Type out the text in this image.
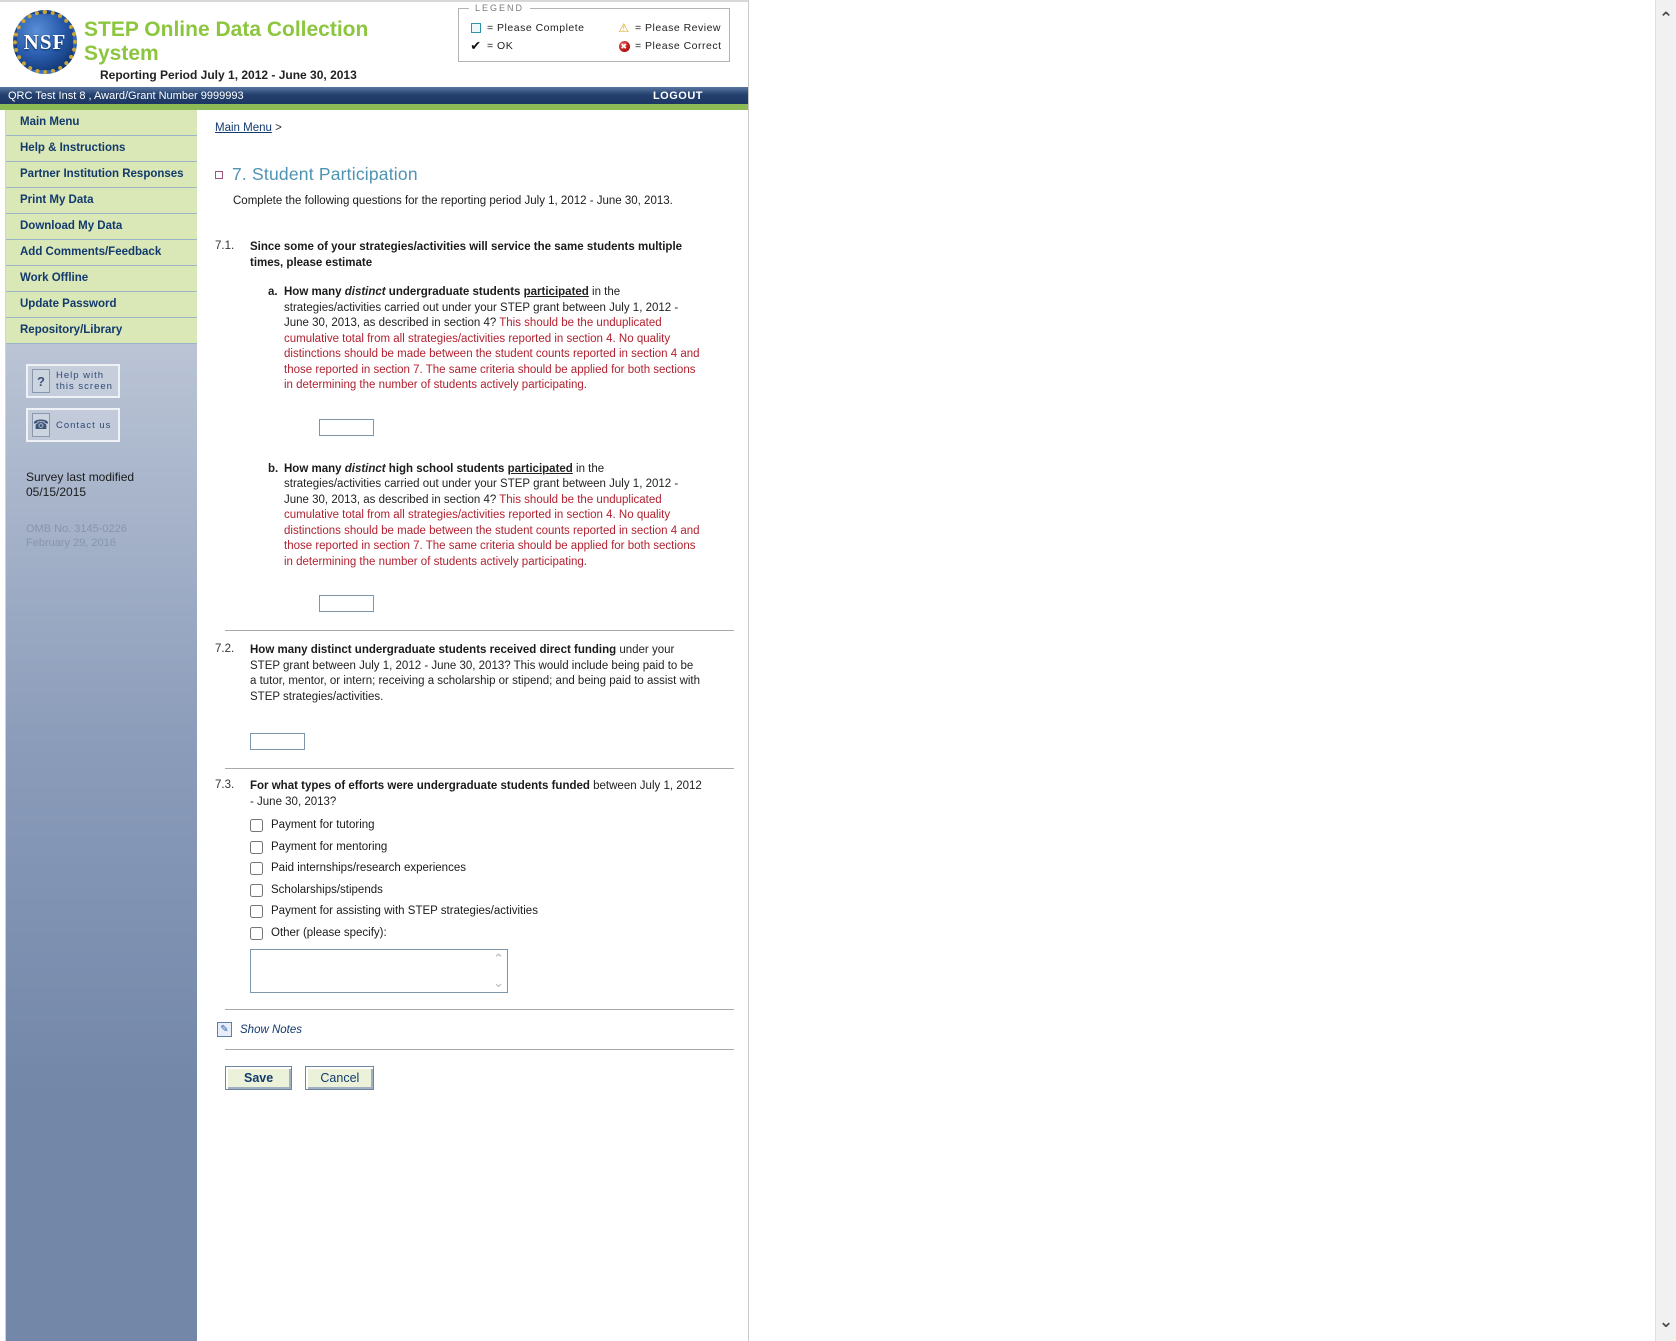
NSF STEP Online Data Collection
System
Reporting Period July 1, 2012 - June 30, 2013
LEGEND
= Please Complete	⚠ = Please Review
✔ = OK	✖ = Please Correct
QRC Test Inst 8 , Award/Grant Number 9999993	LOGOUT
Main Menu
Help & Instructions
Partner Institution Responses
Print My Data
Download My Data
Add Comments/Feedback
Work Offline
Update Password
Repository/Library
?	Help with this screen
☎ Contact us
Survey last modified
05/15/2015
OMB No. 3145-0226
February 29, 2016
Main Menu >
7. Student Participation
Complete the following questions for the reporting period July 1, 2012 - June 30, 2013.
7.1.	Since some of your strategies/activities will service the same students multiple times, please estimate
a. How many distinct undergraduate students participated in the strategies/activities carried out under your STEP grant between July 1, 2012 - June 30, 2013, as described in section 4? This should be the unduplicated cumulative total from all strategies/activities reported in section 4. No quality distinctions should be made between the student counts reported in section 4 and those reported in section 7. The same criteria should be applied for both sections in determining the number of students actively participating.
b. How many distinct high school students participated in the strategies/activities carried out under your STEP grant between July 1, 2012 - June 30, 2013, as described in section 4? This should be the unduplicated cumulative total from all strategies/activities reported in section 4. No quality distinctions should be made between the student counts reported in section 4 and those reported in section 7. The same criteria should be applied for both sections in determining the number of students actively participating.
7.2.	How many distinct undergraduate students received direct funding under your STEP grant between July 1, 2012 - June 30, 2013? This would include being paid to be a tutor, mentor, or intern; receiving a scholarship or stipend; and being paid to assist with STEP strategies/activities.
7.3.	For what types of efforts were undergraduate students funded between July 1, 2012 - June 30, 2013?
Payment for tutoring
Payment for mentoring
Paid internships/research experiences
Scholarships/stipends
Payment for assisting with STEP strategies/activities
Other (please specify):
⌃
⌄
✎ Show Notes
Save	Cancel
⌃
⌄
